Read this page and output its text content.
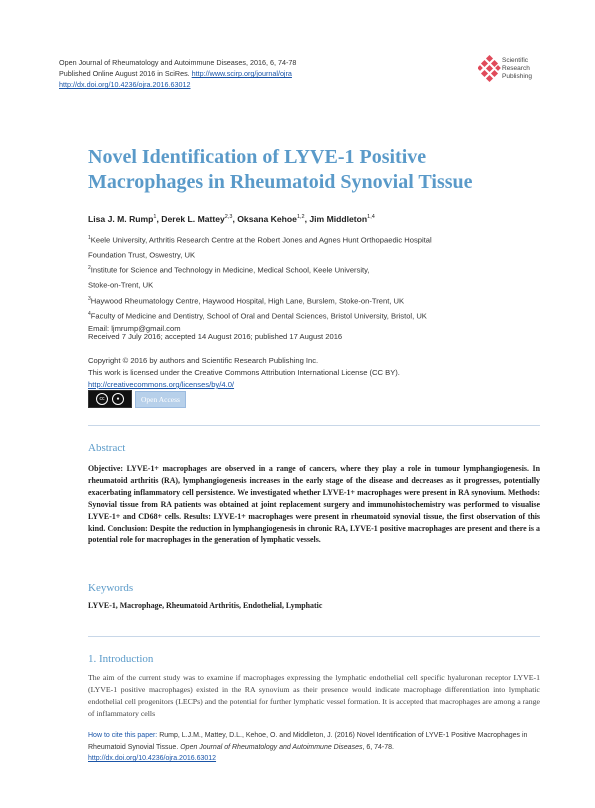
Open Journal of Rheumatology and Autoimmune Diseases, 2016, 6, 74-78
Published Online August 2016 in SciRes. http://www.scirp.org/journal/ojra
http://dx.doi.org/10.4236/ojra.2016.63012
Scientific
Research
Publishing
Novel Identification of LYVE-1 Positive
Macrophages in Rheumatoid Synovial Tissue
Lisa J. M. Rump$^1$, Derek L. Mattey$^{2,3}$, Oksana Kehoe$^{1,2}$, Jim Middleton$^{1,4}$
$^1$Keele University, Arthritis Research Centre at the Robert Jones and Agnes Hunt Orthopaedic Hospital
Foundation Trust, Oswestry, UK
$^2$Institute for Science and Technology in Medicine, Medical School, Keele University,
Stoke-on-Trent, UK
$^3$Haywood Rheumatology Centre, Haywood Hospital, High Lane, Burslem, Stoke-on-Trent, UK
$^4$Faculty of Medicine and Dentistry, School of Oral and Dental Sciences, Bristol University, Bristol, UK
Email: ljmrump@gmail.com
Received 7 July 2016; accepted 14 August 2016; published 17 August 2016
Copyright © 2016 by authors and Scientific Research Publishing Inc.
This work is licensed under the Creative Commons Attribution International License (CC BY).
http://creativecommons.org/licenses/by/4.0/
cc	●	Open Access
Abstract
Objective: LYVE-1+ macrophages are observed in a range of cancers, where they play a role in tumour lymphangiogenesis. In rheumatoid arthritis (RA), lymphangiogenesis increases in the early stage of the disease and decreases as it progresses, potentially exacerbating inflammatory cell persistence. We investigated whether LYVE-1+ macrophages were present in RA synovium. Methods: Synovial tissue from RA patients was obtained at joint replacement surgery and immunohistochemistry was performed to visualise LYVE-1+ and CD68+ cells. Results: LYVE-1+ macrophages were present in rheumatoid synovial tissue, the first observation of this kind. Conclusion: Despite the reduction in lymphangiogenesis in chronic RA, LYVE-1 positive macrophages are present and there is a potential role for macrophages in the generation of lymphatic vessels.
Keywords
LYVE-1, Macrophage, Rheumatoid Arthritis, Endothelial, Lymphatic
1. Introduction
The aim of the current study was to examine if macrophages expressing the lymphatic endothelial cell specific hyaluronan receptor LYVE-1 (LYVE-1 positive macrophages) existed in the RA synovium as their presence would indicate macrophage differentiation into lymphatic endothelial cell progenitors (LECPs) and the potential for further lymphatic vessel formation. It is accepted that macrophages are among a range of inflammatory cells
How to cite this paper: Rump, L.J.M., Mattey, D.L., Kehoe, O. and Middleton, J. (2016) Novel Identification of LYVE-1 Positive Macrophages in Rheumatoid Synovial Tissue. Open Journal of Rheumatology and Autoimmune Diseases, 6, 74-78.
http://dx.doi.org/10.4236/ojra.2016.63012
